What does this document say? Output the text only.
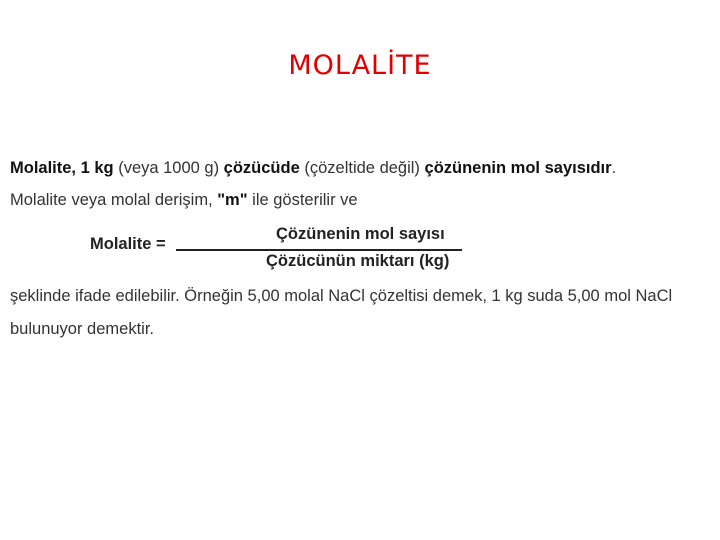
MOLALİTE
Molalite, 1 kg (veya 1000 g) çözücüde (çözeltide değil) çözünenin mol sayısıdır.
Molalite veya molal derişim, "m" ile gösterilir ve
Molalite =
Çözünenin mol sayısı
Çözücünün miktarı (kg)
şeklinde ifade edilebilir. Örneğin 5,00 molal NaCl çözeltisi demek, 1 kg suda 5,00 mol NaCl
bulunuyor demektir.
